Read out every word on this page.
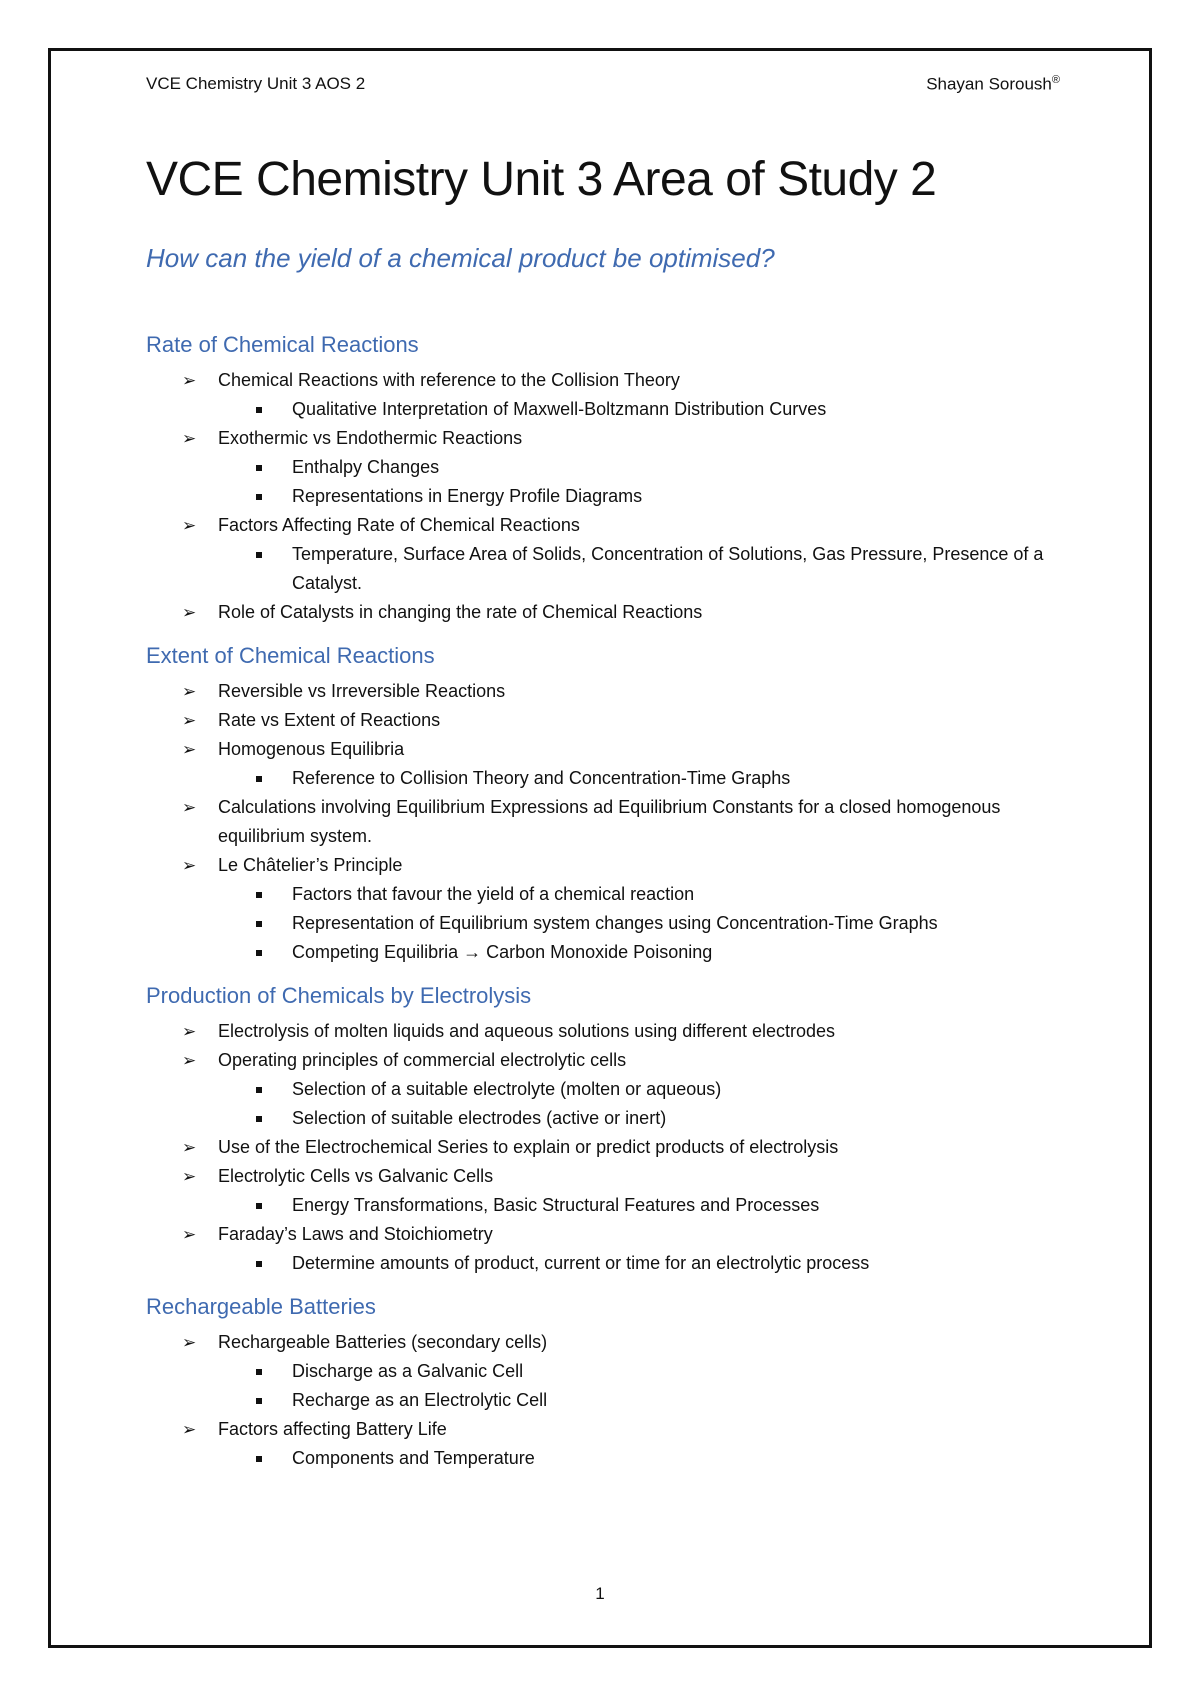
VCE Chemistry Unit 3 AOS 2	Shayan Soroush®
VCE Chemistry Unit 3 Area of Study 2
How can the yield of a chemical product be optimised?
Rate of Chemical Reactions
➢ Chemical Reactions with reference to the Collision Theory
Qualitative Interpretation of Maxwell-Boltzmann Distribution Curves
➢ Exothermic vs Endothermic Reactions
Enthalpy Changes
Representations in Energy Profile Diagrams
➢ Factors Affecting Rate of Chemical Reactions
Temperature, Surface Area of Solids, Concentration of Solutions, Gas Pressure, Presence of a Catalyst.
➢ Role of Catalysts in changing the rate of Chemical Reactions
Extent of Chemical Reactions
➢ Reversible vs Irreversible Reactions
➢ Rate vs Extent of Reactions
➢ Homogenous Equilibria
Reference to Collision Theory and Concentration-Time Graphs
➢ Calculations involving Equilibrium Expressions ad Equilibrium Constants for a closed homogenous equilibrium system.
➢ Le Châtelier’s Principle
Factors that favour the yield of a chemical reaction
Representation of Equilibrium system changes using Concentration-Time Graphs
Competing Equilibria → Carbon Monoxide Poisoning
Production of Chemicals by Electrolysis
➢ Electrolysis of molten liquids and aqueous solutions using different electrodes
➢ Operating principles of commercial electrolytic cells
Selection of a suitable electrolyte (molten or aqueous)
Selection of suitable electrodes (active or inert)
➢ Use of the Electrochemical Series to explain or predict products of electrolysis
➢ Electrolytic Cells vs Galvanic Cells
Energy Transformations, Basic Structural Features and Processes
➢ Faraday’s Laws and Stoichiometry
Determine amounts of product, current or time for an electrolytic process
Rechargeable Batteries
➢ Rechargeable Batteries (secondary cells)
Discharge as a Galvanic Cell
Recharge as an Electrolytic Cell
➢ Factors affecting Battery Life
Components and Temperature
1
